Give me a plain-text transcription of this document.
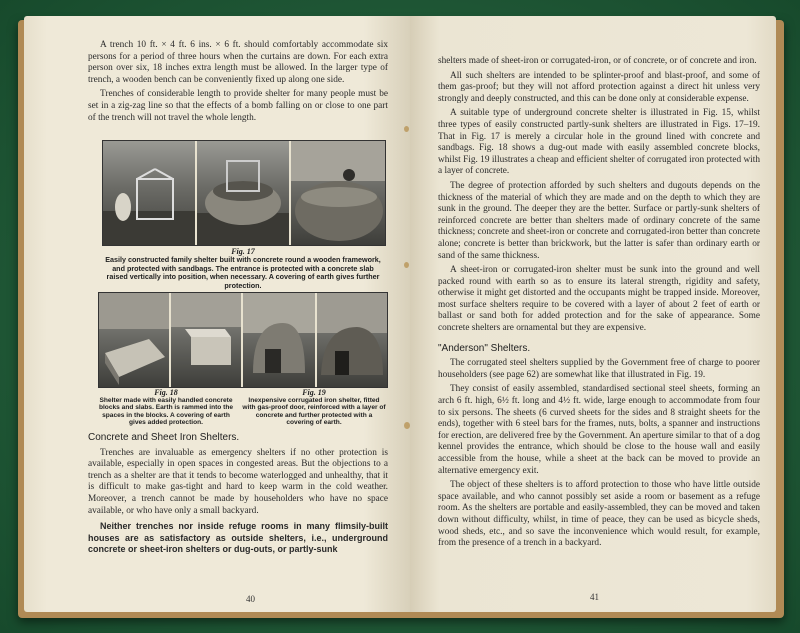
A trench 10 ft. × 4 ft. 6 ins. × 6 ft. should comfortably accommodate six persons for a period of three hours when the curtains are down. For each extra person over six, 18 inches extra length must be allowed. In the larger type of trench, a wooden bench can be conveniently fixed up along one side.

Trenches of considerable length to provide shelter for many people must be set in a zig-zag line so that the effects of a bomb falling on or close to one part of the trench will not travel the whole length.

Fig. 17
Easily constructed family shelter built with concrete round a wooden framework, and protected with sandbags. The entrance is protected with a concrete slab raised vertically into position, when necessary. A covering of earth gives further protection.
Fig. 18
Shelter made with easily handled concrete blocks and slabs. Earth is rammed into the spaces in the blocks. A covering of earth gives added protection.
Fig. 19
Inexpensive corrugated iron shelter, fitted with gas-proof door, reinforced with a layer of concrete and further protected with a covering of earth.
Concrete and Sheet Iron Shelters.

Trenches are invaluable as emergency shelters if no other protection is available, especially in open spaces in congested areas. But the objections to a trench as a shelter are that it tends to become waterlogged and unhealthy, that it is difficult to make gas-tight and hard to keep warm in the cold weather. Moreover, a trench cannot be made by householders who have no space available, or who have only a small backyard.

Neither trenches nor inside refuge rooms in many flimsily-built houses are as satisfactory as outside shelters, i.e., underground concrete or sheet-iron shelters or dug-outs, or partly-sunk

40

shelters made of sheet-iron or corrugated-iron, or of concrete, or of concrete and iron.

All such shelters are intended to be splinter-proof and blast-proof, and some of them gas-proof; but they will not afford protection against a direct hit unless very strongly and deeply constructed, and this can be done only at considerable expense.

A suitable type of underground concrete shelter is illustrated in Fig. 15, whilst three types of easily constructed partly-sunk shelters are illustrated in Figs. 17–19. That in Fig. 17 is merely a circular hole in the ground lined with concrete and sandbags. Fig. 18 shows a dug-out made with easily assembled concrete blocks, whilst Fig. 19 illustrates a cheap and efficient shelter of corrugated iron protected with a layer of concrete.

The degree of protection afforded by such shelters and dugouts depends on the thickness of the material of which they are made and on the depth to which they are sunk in the ground. The deeper they are the better. Surface or partly-sunk shelters of reinforced concrete are better than shelters made of ordinary concrete of the same thickness; concrete and sheet-iron or concrete and corrugated-iron better than concrete alone; concrete is better than brickwork, but the latter is safer than ordinary earth or sand of the same thickness.

A sheet-iron or corrugated-iron shelter must be sunk into the ground and well packed round with earth so as to ensure its lateral strength, rigidity and safety, otherwise it might get distorted and the occupants might be trapped inside. Moreover, most surface shelters require to be covered with a layer of about 2 feet of earth or ballast or sand both for added protection and for the sake of appearance. Some concrete shelters are ornamental but they are expensive.

"Anderson" Shelters.

The corrugated steel shelters supplied by the Government free of charge to poorer householders (see page 62) are somewhat like that illustrated in Fig. 19.

They consist of easily assembled, standardised sectional steel sheets, forming an arch 6 ft. high, 6½ ft. long and 4½ ft. wide, large enough to accommodate from four to six persons. The sheets (6 curved sheets for the sides and 8 straight sheets for the ends), together with 6 steel bars for the frames, nuts, bolts, a spanner and instructions for erection, are delivered free by the Government. An aperture similar to that of a dog kennel provides the entrance, which should be close to the house wall and easily accessible from the house, while a sheet at the back can be moved to provide an alternative emergency exit.

The object of these shelters is to afford protection to those who have little outside space available, and who cannot possibly set aside a room or basement as a refuge room. As the shelters are portable and easily-assembled, they can be moved and taken down without difficulty, whilst, in time of peace, they can be used as bicycle sheds, wood sheds, etc., and so save the inconvenience which would result, for example, from the presence of a trench in a backyard.

41
